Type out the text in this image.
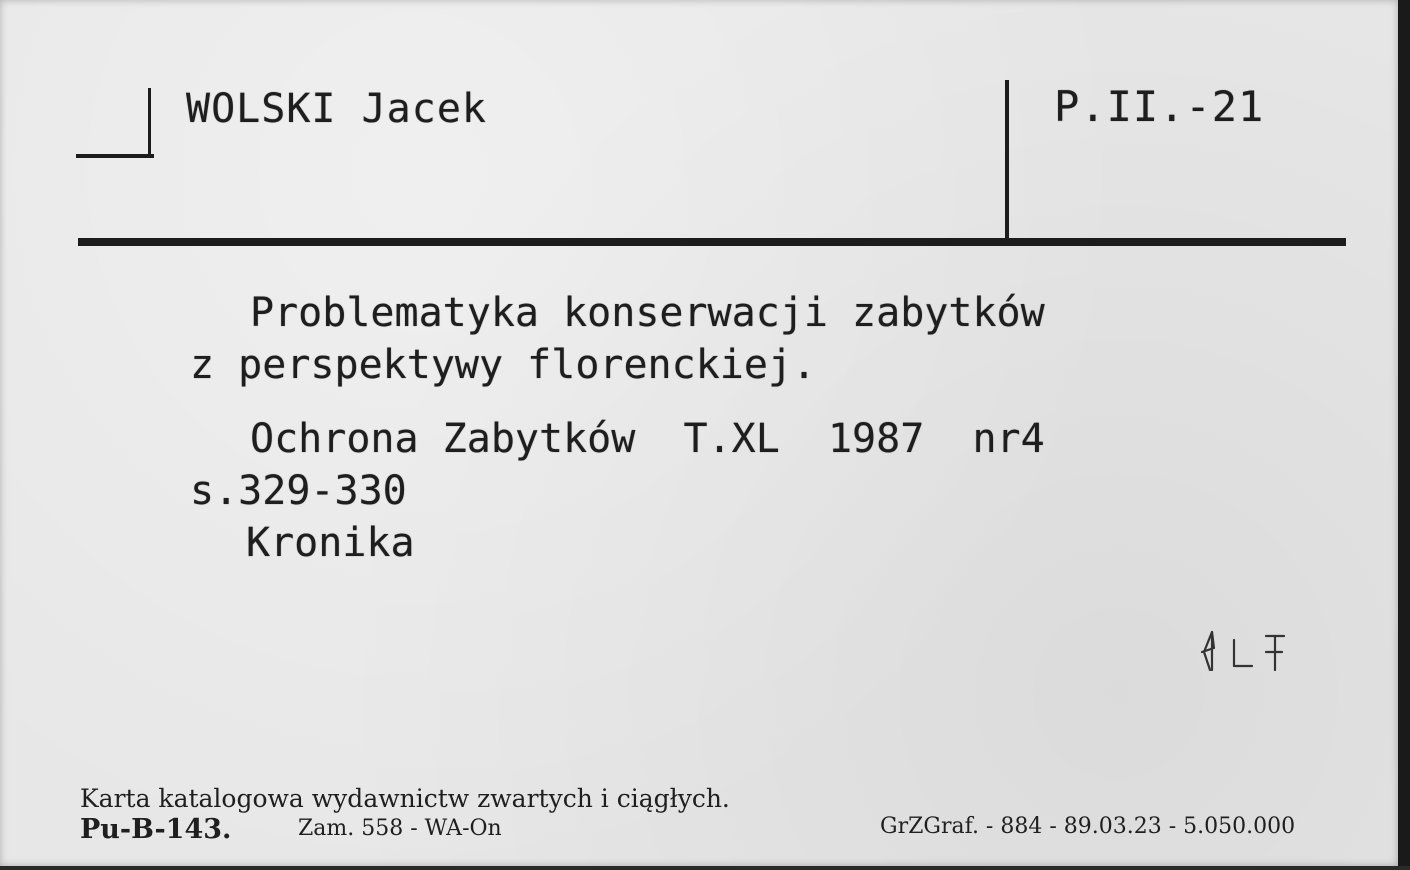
WOLSKI Jacek	P.II.-21
Problematyka konserwacji zabytków
z perspektywy florenckiej.
Ochrona Zabytków  T.XL  1987  nr4
s.329-330
Kronika
Karta katalogowa wydawnictw zwartych i ciągłych.
Pu-B-143.	Zam. 558 - WA-On	GrZGraf. - 884 - 89.03.23 - 5.050.000
